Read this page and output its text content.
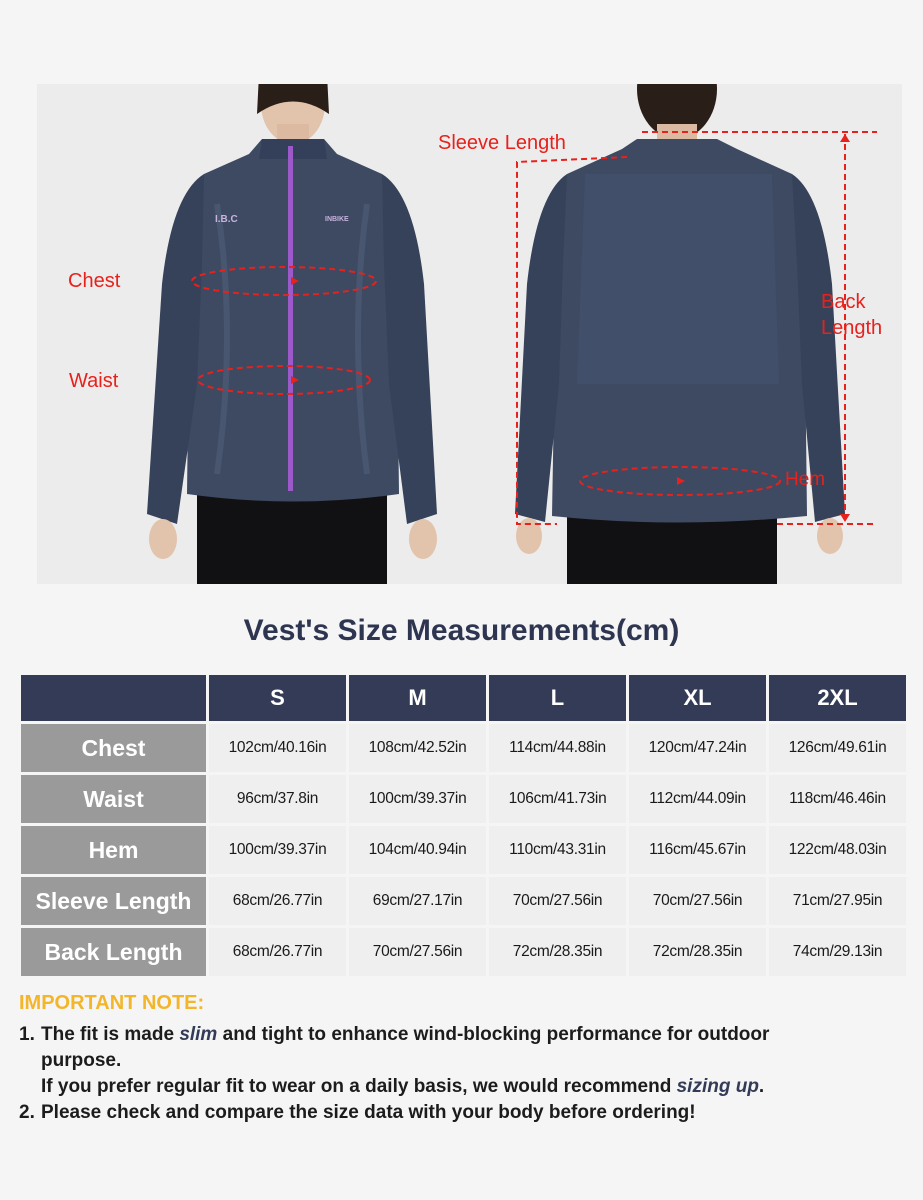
I.B.C	INBIKE
Chest
Waist
Sleeve Length
Back
Length
Hem
Vest's Size Measurements(cm)
	S	M	L	XL	2XL
Chest	102cm/40.16in	108cm/42.52in	114cm/44.88in	120cm/47.24in	126cm/49.61in
Waist	96cm/37.8in	100cm/39.37in	106cm/41.73in	112cm/44.09in	118cm/46.46in
Hem	100cm/39.37in	104cm/40.94in	110cm/43.31in	116cm/45.67in	122cm/48.03in
Sleeve Length	68cm/26.77in	69cm/27.17in	70cm/27.56in	70cm/27.56in	71cm/27.95in
Back Length	68cm/26.77in	70cm/27.56in	72cm/28.35in	72cm/28.35in	74cm/29.13in
IMPORTANT NOTE:
1. The fit is made slim and tight to enhance wind-blocking performance for outdoor
purpose.
If you prefer regular fit to wear on a daily basis, we would recommend sizing up.
2. Please check and compare the size data with your body before ordering!
